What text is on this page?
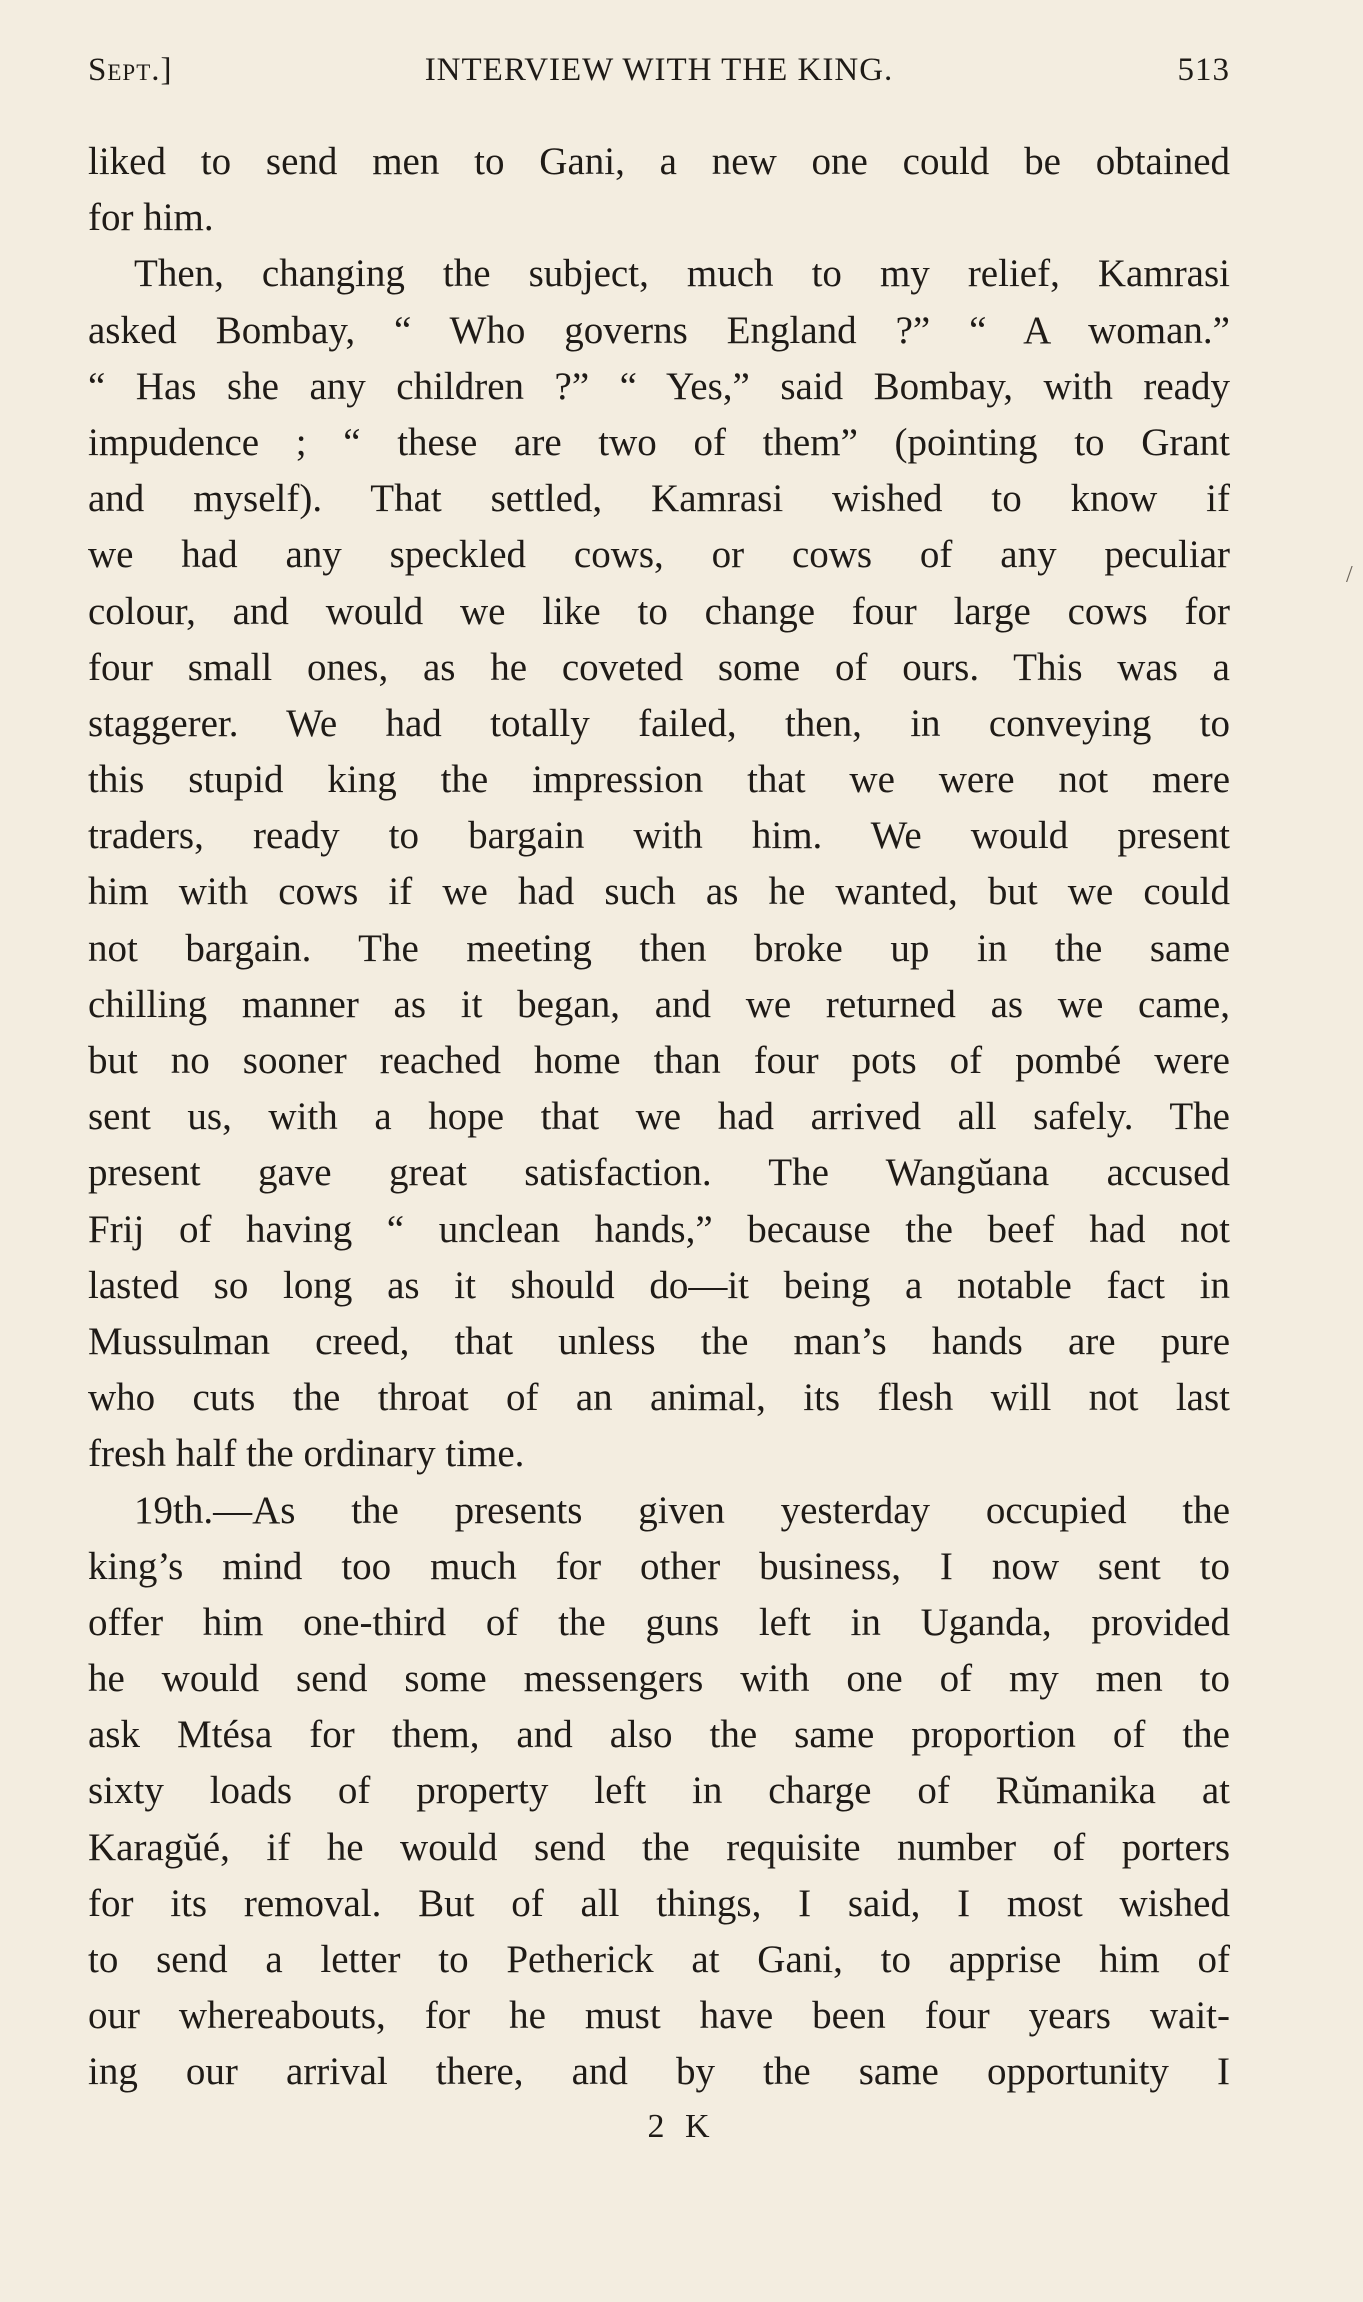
Sept.]	INTERVIEW WITH THE KING.	513
liked to send men to Gani, a new one could be obtained
for him.
Then, changing the subject, much to my relief, Kamrasi
asked Bombay, “ Who governs England ?” “ A woman.”
“ Has she any children ?” “ Yes,” said Bombay, with ready
impudence ; “ these are two of them” (pointing to Grant
and myself). That settled, Kamrasi wished to know if
we had any speckled cows, or cows of any peculiar
colour, and would we like to change four large cows for
four small ones, as he coveted some of ours. This was a
staggerer. We had totally failed, then, in conveying to
this stupid king the impression that we were not mere
traders, ready to bargain with him. We would present
him with cows if we had such as he wanted, but we could
not bargain. The meeting then broke up in the same
chilling manner as it began, and we returned as we came,
but no sooner reached home than four pots of pombé were
sent us, with a hope that we had arrived all safely. The
present gave great satisfaction. The Wangŭana accused
Frij of having “ unclean hands,” because the beef had not
lasted so long as it should do—it being a notable fact in
Mussulman creed, that unless the man’s hands are pure
who cuts the throat of an animal, its flesh will not last
fresh half the ordinary time.
19th.—As the presents given yesterday occupied the
king’s mind too much for other business, I now sent to
offer him one-third of the guns left in Uganda, provided
he would send some messengers with one of my men to
ask Mtésa for them, and also the same proportion of the
sixty loads of property left in charge of Rŭmanika at
Karagŭé, if he would send the requisite number of porters
for its removal. But of all things, I said, I most wished
to send a letter to Petherick at Gani, to apprise him of
our whereabouts, for he must have been four years wait-
ing our arrival there, and by the same opportunity I
/
2 K
